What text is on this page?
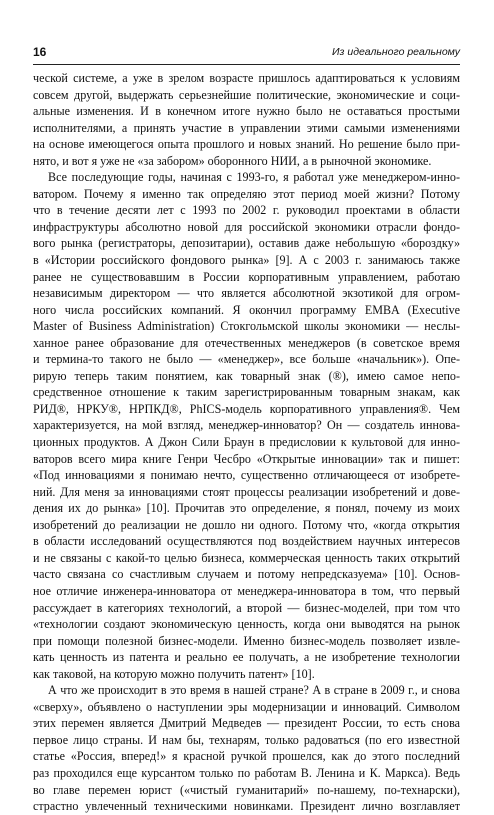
16	Из идеального реальному
ческой системе, а уже в зрелом возрасте пришлось адаптироваться к условиям
совсем другой, выдержать серьезнейшие политические, экономические и соци-
альные изменения. И в конечном итоге нужно было не оставаться простыми
исполнителями, а принять участие в управлении этими самыми изменениями
на основе имеющегося опыта прошлого и новых знаний. Но решение было при-
нято, и вот я уже не «за забором» оборонного НИИ, а в рыночной экономике.
Все последующие годы, начиная с 1993-го, я работал уже менеджером-инно-
ватором. Почему я именно так определяю этот период моей жизни? Потому
что в течение десяти лет с 1993 по 2002 г. руководил проектами в области
инфраструктуры абсолютно новой для российской экономики отрасли фондо-
вого рынка (регистраторы, депозитарии), оставив даже небольшую «бороздку»
в «Истории российского фондового рынка» [9]. А с 2003 г. занимаюсь также
ранее не существовавшим в России корпоративным управлением, работаю
независимым директором — что является абсолютной экзотикой для огром-
ного числа российских компаний. Я окончил программу EMBA (Executive
Master of Business Administration) Стокгольмской школы экономики — неслы-
ханное ранее образование для отечественных менеджеров (в советское время
и термина-то такого не было — «менеджер», все больше «начальник»). Опе-
рирую теперь таким понятием, как товарный знак (®), имею самое непо-
средственное отношение к таким зарегистрированным товарным знакам, как
РИД®, НРКУ®, НРПКД®, PhICS-модель корпоративного управления®. Чем
характеризуется, на мой взгляд, менеджер-инноватор? Он — создатель иннова-
ционных продуктов. А Джон Сили Браун в предисловии к культовой для инно-
ваторов всего мира книге Генри Чесбро «Открытые инновации» так и пишет:
«Под инновациями я понимаю нечто, существенно отличающееся от изобрете-
ний. Для меня за инновациями стоят процессы реализации изобретений и дове-
дения их до рынка» [10]. Прочитав это определение, я понял, почему из моих
изобретений до реализации не дошло ни одного. Потому что, «когда открытия
в области исследований осуществляются под воздействием научных интересов
и не связаны с какой-то целью бизнеса, коммерческая ценность таких открытий
часто связана со счастливым случаем и потому непредсказуема» [10]. Основ-
ное отличие инженера-инноватора от менеджера-инноватора в том, что первый
рассуждает в категориях технологий, а второй — бизнес-моделей, при том что
«технологии создают экономическую ценность, когда они выводятся на рынок
при помощи полезной бизнес-модели. Именно бизнес-модель позволяет извле-
кать ценность из патента и реально ее получать, а не изобретение технологии
как таковой, на которую можно получить патент» [10].
А что же происходит в это время в нашей стране? А в стране в 2009 г., и снова
«сверху», объявлено о наступлении эры модернизации и инноваций. Символом
этих перемен является Дмитрий Медведев — президент России, то есть снова
первое лицо страны. И нам бы, технарям, только радоваться (по его известной
статье «Россия, вперед!» я красной ручкой прошелся, как до этого последний
раз проходился еще курсантом только по работам В. Ленина и К. Маркса). Ведь
во главе перемен юрист («чистый гуманитарий» по-нашему, по-технарски),
страстно увлеченный техническими новинками. Президент лично возглавляет
